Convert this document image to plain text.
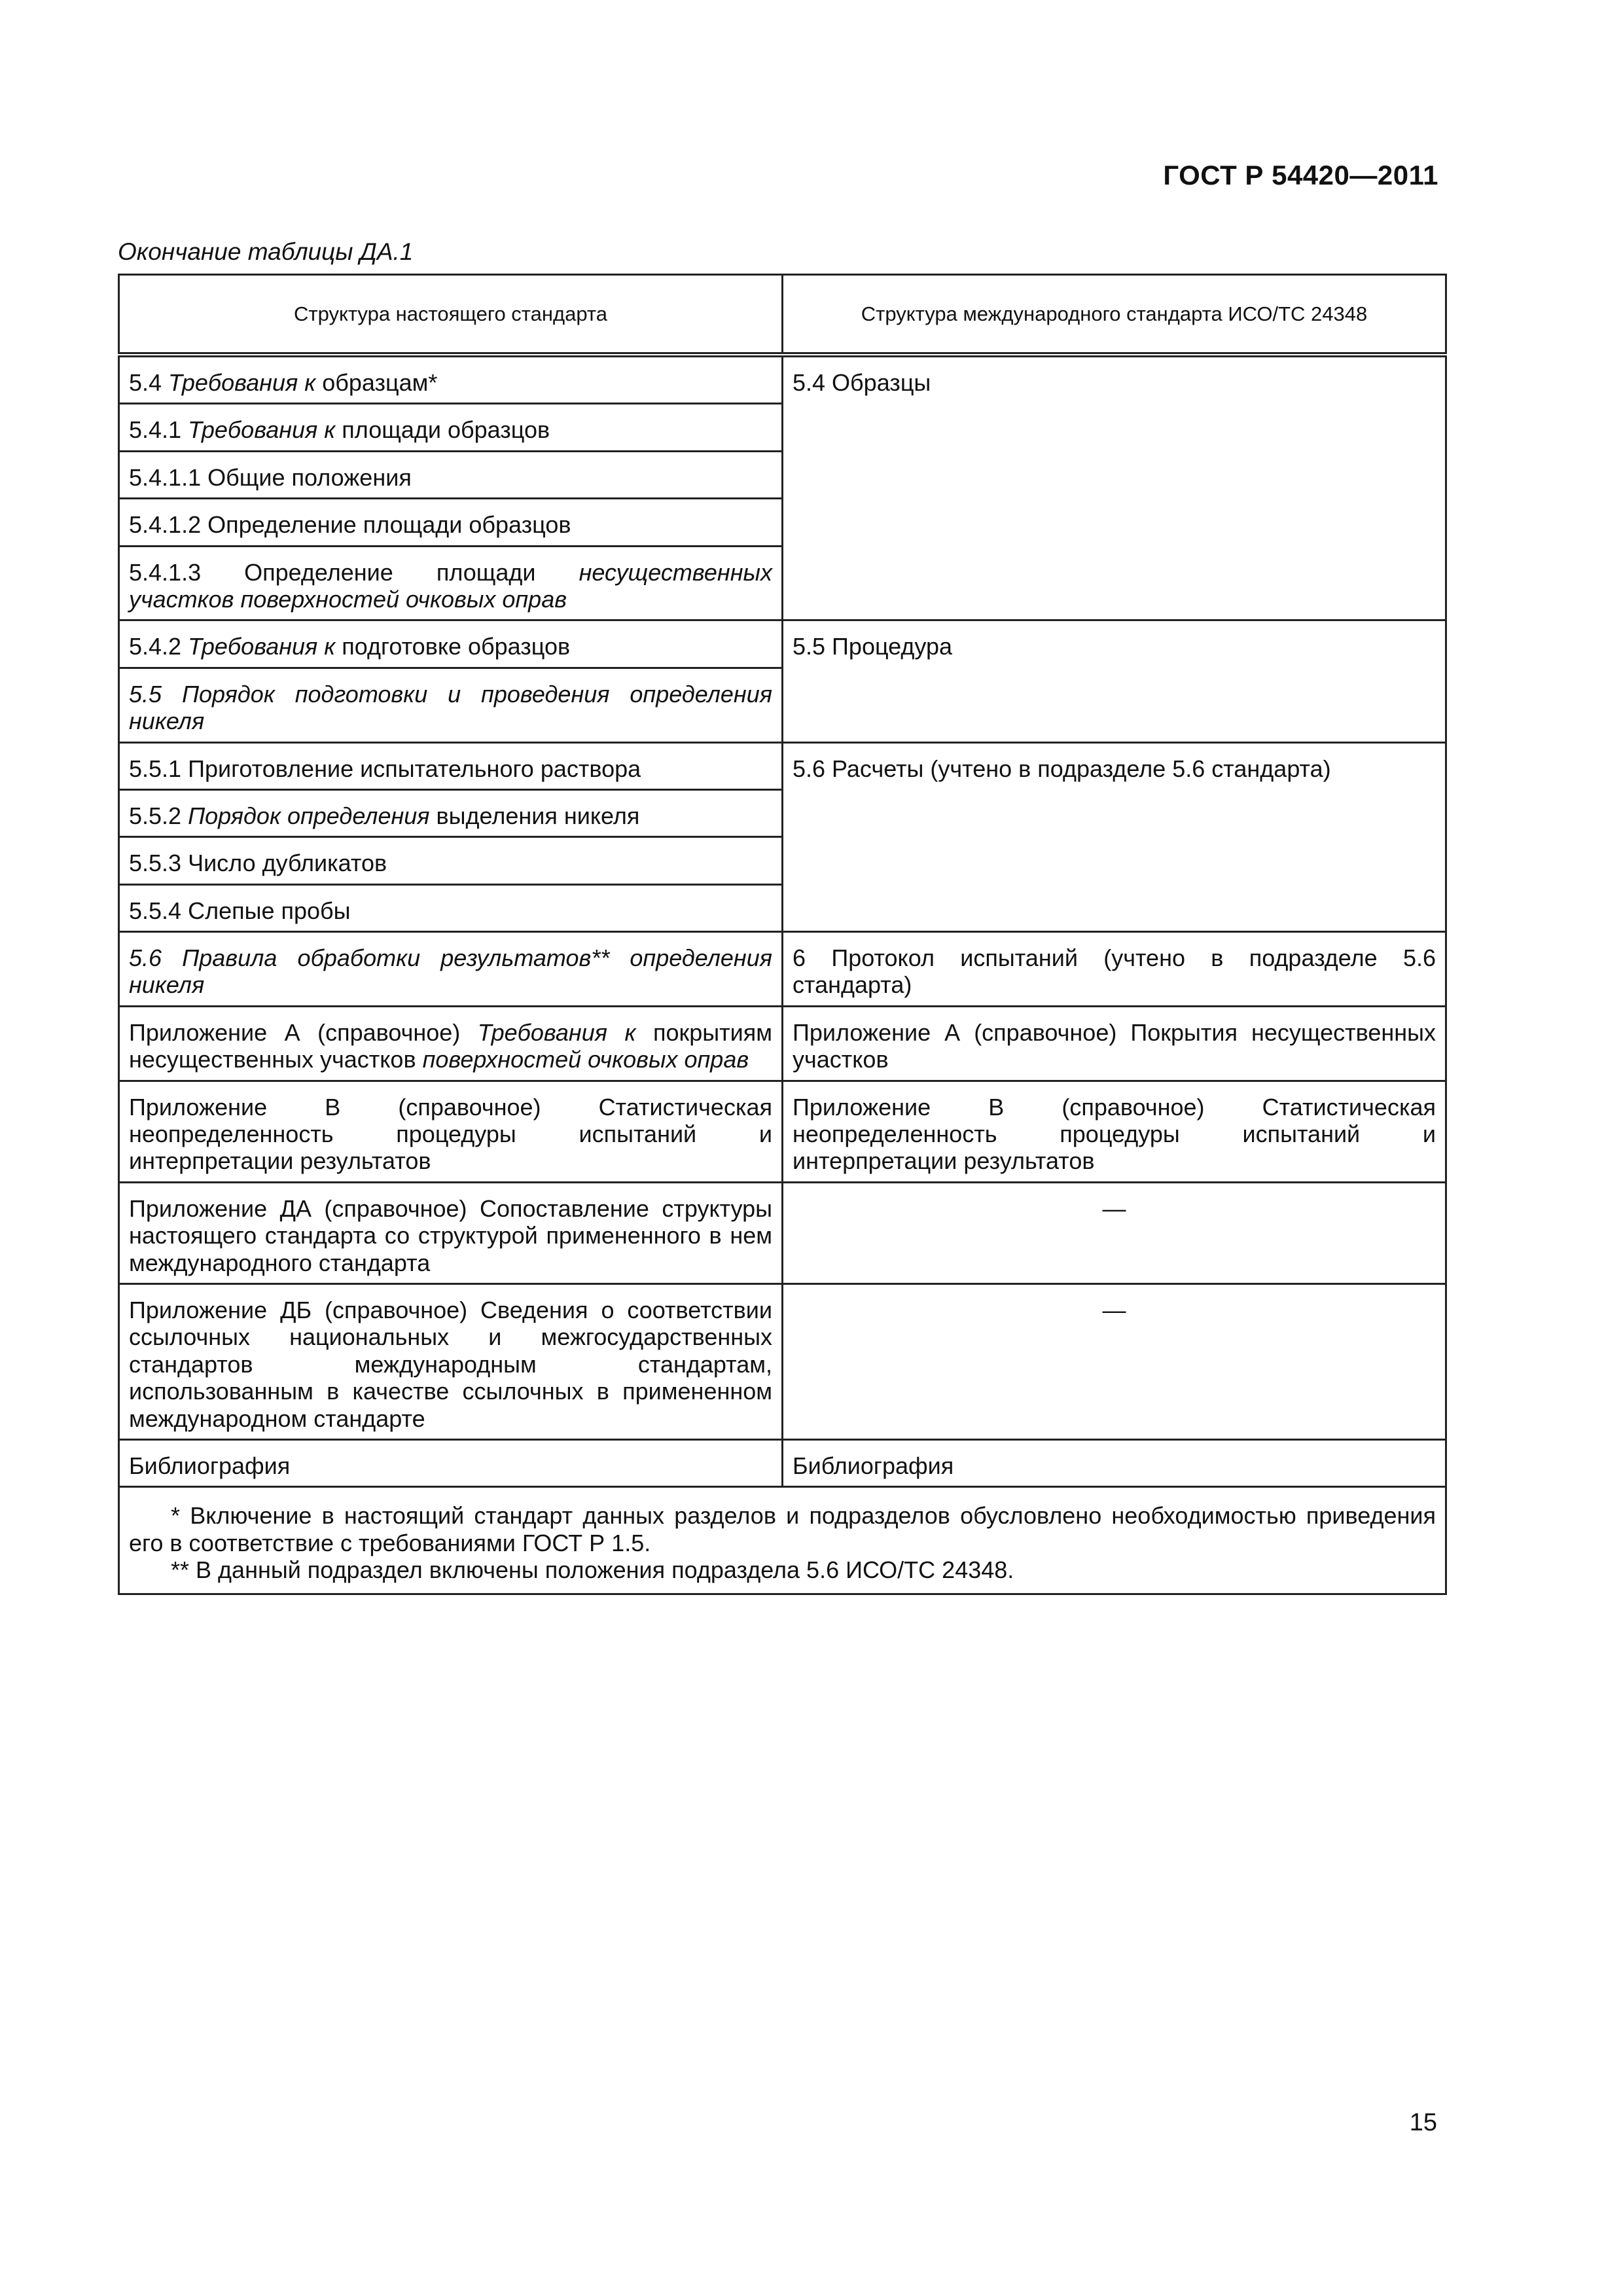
ГОСТ Р 54420—2011
Окончание таблицы ДА.1
Структура настоящего стандарта	Структура международного стандарта ИСО/ТС 24348
5.4 Требования к образцам*	5.4 Образцы
5.4.1 Требования к площади образцов	
5.4.1.1 Общие положения	
5.4.1.2 Определение площади образцов	
5.4.1.3 Определение площади несущественных участков поверхностей очковых оправ	
5.4.2 Требования к подготовке образцов	5.5 Процедура
5.5 Порядок подготовки и проведения определения никеля	
5.5.1 Приготовление испытательного раствора	5.6 Расчеты (учтено в подразделе 5.6 стандарта)
5.5.2 Порядок определения выделения никеля	
5.5.3 Число дубликатов	
5.5.4 Слепые пробы	
5.6 Правила обработки результатов** определения никеля	6 Протокол испытаний (учтено в подразделе 5.6 стандарта)
Приложение А (справочное) Требования к покрытиям несущественных участков поверхностей очковых оправ	Приложение А (справочное) Покрытия несущественных участков
Приложение В (справочное) Статистическая неопределенность процедуры испытаний и интерпретации результатов	Приложение В (справочное) Статистическая неопределенность процедуры испытаний и интерпретации результатов
Приложение ДА (справочное) Сопоставление структуры настоящего стандарта со структурой примененного в нем международного стандарта	—
Приложение ДБ (справочное) Сведения о соответствии ссылочных национальных и межгосударственных стандартов международным стандартам, использованным в качестве ссылочных в примененном международном стандарте	—
Библиография	Библиография

* Включение в настоящий стандарт данных разделов и подразделов обусловлено необходимостью приведения его в соответствие с требованиями ГОСТ Р 1.5.
** В данный подраздел включены положения подраздела 5.6 ИСО/ТС 24348.	
15
